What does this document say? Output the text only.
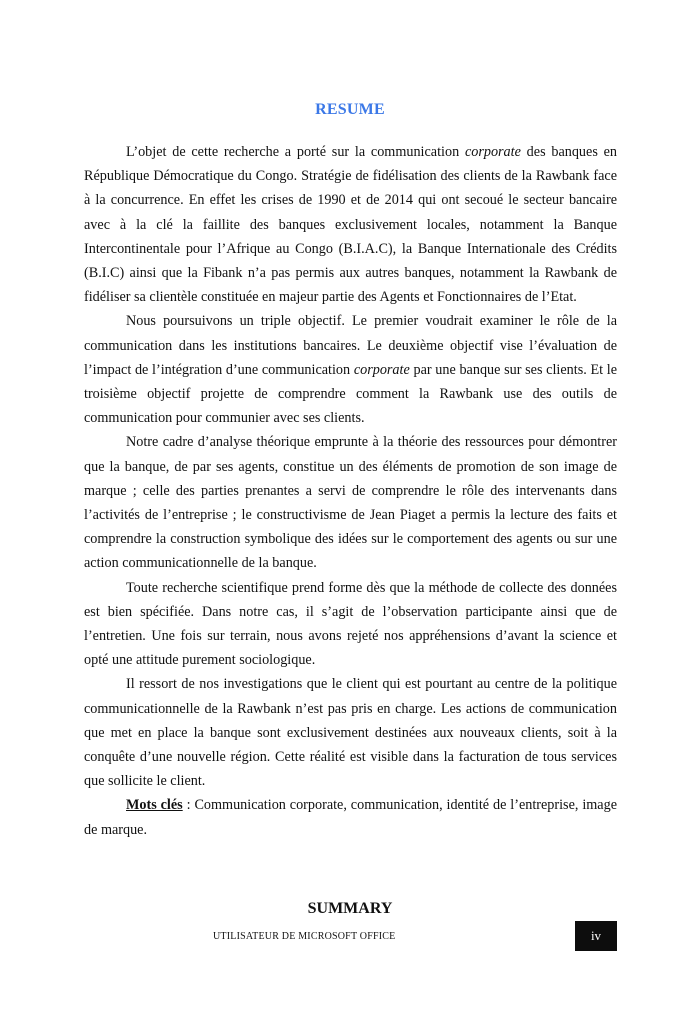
RESUME

L’objet de cette recherche a porté sur la communication corporate des banques en République Démocratique du Congo. Stratégie de fidélisation des clients de la Rawbank face à la concurrence. En effet les crises de 1990 et de 2014 qui ont secoué le secteur bancaire avec à la clé la faillite des banques exclusivement locales, notamment la Banque Intercontinentale pour l’Afrique au Congo (B.I.A.C), la Banque Internationale des Crédits (B.I.C) ainsi que la Fibank n’a pas permis aux autres banques, notamment la Rawbank de fidéliser sa clientèle constituée en majeur partie des Agents et Fonctionnaires de l’Etat.

Nous poursuivons un triple objectif. Le premier voudrait examiner le rôle de la communication dans les institutions bancaires. Le deuxième objectif vise l’évaluation de l’impact de l’intégration d’une communication corporate par une banque sur ses clients. Et le troisième objectif projette de comprendre comment la Rawbank use des outils de communication pour communier avec ses clients.

Notre cadre d’analyse théorique emprunte à la théorie des ressources pour démontrer que la banque, de par ses agents, constitue un des éléments de promotion de son image de marque ; celle des parties prenantes a servi de comprendre le rôle des intervenants dans l’activités de l’entreprise ; le constructivisme de Jean Piaget a permis la lecture des faits et comprendre la construction symbolique des idées sur le comportement des agents ou sur une action communicationnelle de la banque.

Toute recherche scientifique prend forme dès que la méthode de collecte des données est bien spécifiée. Dans notre cas, il s’agit de l’observation participante ainsi que de l’entretien. Une fois sur terrain, nous avons rejeté nos appréhensions d’avant la science et opté une attitude purement sociologique.

Il ressort de nos investigations que le client qui est pourtant au centre de la politique communicationnelle de la Rawbank n’est pas pris en charge. Les actions de communication que met en place la banque sont exclusivement destinées aux nouveaux clients, soit à la conquête d’une nouvelle région. Cette réalité est visible dans la facturation de tous services que sollicite le client.

Mots clés : Communication corporate, communication, identité de l’entreprise, image de marque.

SUMMARY
UTILISATEUR DE MICROSOFT OFFICE	iv
